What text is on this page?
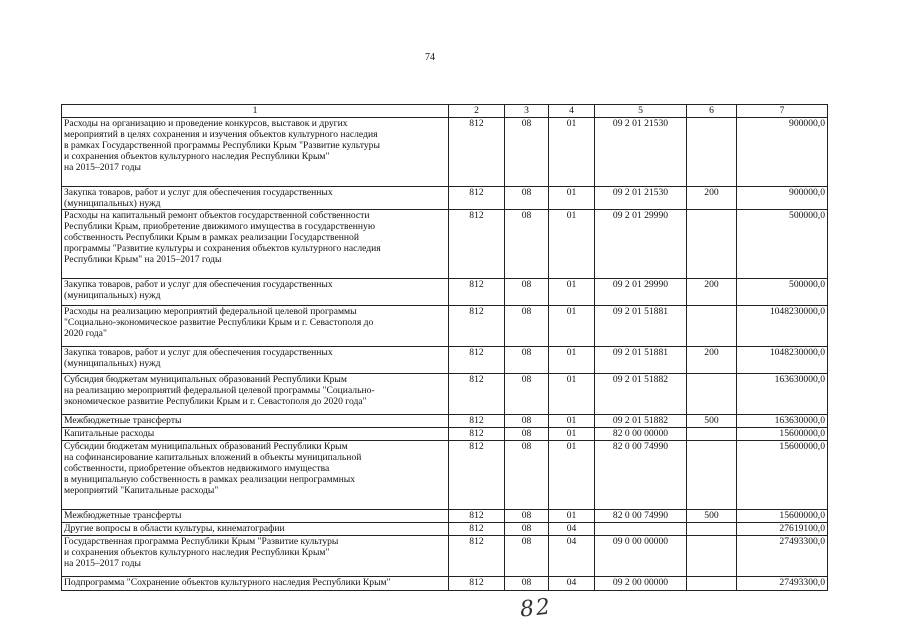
74
1	2	3	4	5	6	7
Расходы на организацию и проведение конкурсов, выставок и других
мероприятий в целях сохранения и изучения объектов культурного наследия
в рамках Государственной программы Республики Крым "Развитие культуры
и сохранения объектов культурного наследия Республики Крым"
на 2015–2017 годы	812	08	01	09 2 01 21530		900000,0
Закупка товаров, работ и услуг для обеспечения государственных
(муниципальных) нужд	812	08	01	09 2 01 21530	200	900000,0
Расходы на капитальный ремонт объектов государственной собственности
Республики Крым, приобретение движимого имущества в государственную
собственность Республики Крым в рамках реализации Государственной
программы "Развитие культуры и сохранения объектов культурного наследия
Республики Крым" на 2015–2017 годы	812	08	01	09 2 01 29990		500000,0
Закупка товаров, работ и услуг для обеспечения государственных
(муниципальных) нужд	812	08	01	09 2 01 29990	200	500000,0
Расходы на реализацию мероприятий федеральной целевой программы
"Социально-экономическое развитие Республики Крым и г. Севастополя до
2020 года"	812	08	01	09 2 01 51881		1048230000,0
Закупка товаров, работ и услуг для обеспечения государственных
(муниципальных) нужд	812	08	01	09 2 01 51881	200	1048230000,0
Субсидия бюджетам муниципальных образований Республики Крым
на реализацию мероприятий федеральной целевой программы "Социально-
экономическое развитие Республики Крым и г. Севастополя до 2020 года"	812	08	01	09 2 01 51882		163630000,0
Межбюджетные трансферты	812	08	01	09 2 01 51882	500	163630000,0
Капитальные расходы	812	08	01	82 0 00 00000		15600000,0
Субсидии бюджетам муниципальных образований Республики Крым
на софинансирование капитальных вложений в объекты муниципальной
собственности, приобретение объектов недвижимого имущества
в муниципальную собственность в рамках реализации непрограммных
мероприятий "Капитальные расходы"	812	08	01	82 0 00 74990		15600000,0
Межбюджетные трансферты	812	08	01	82 0 00 74990	500	15600000,0
Другие вопросы в области культуры, кинематографии	812	08	04			27619100,0
Государственная программа Республики Крым "Развитие культуры
и сохранения объектов культурного наследия Республики Крым"
на 2015–2017 годы	812	08	04	09 0 00 00000		27493300,0
Подпрограмма "Сохранение объектов культурного наследия Республики Крым"	812	08	04	09 2 00 00000		27493300,0
82
